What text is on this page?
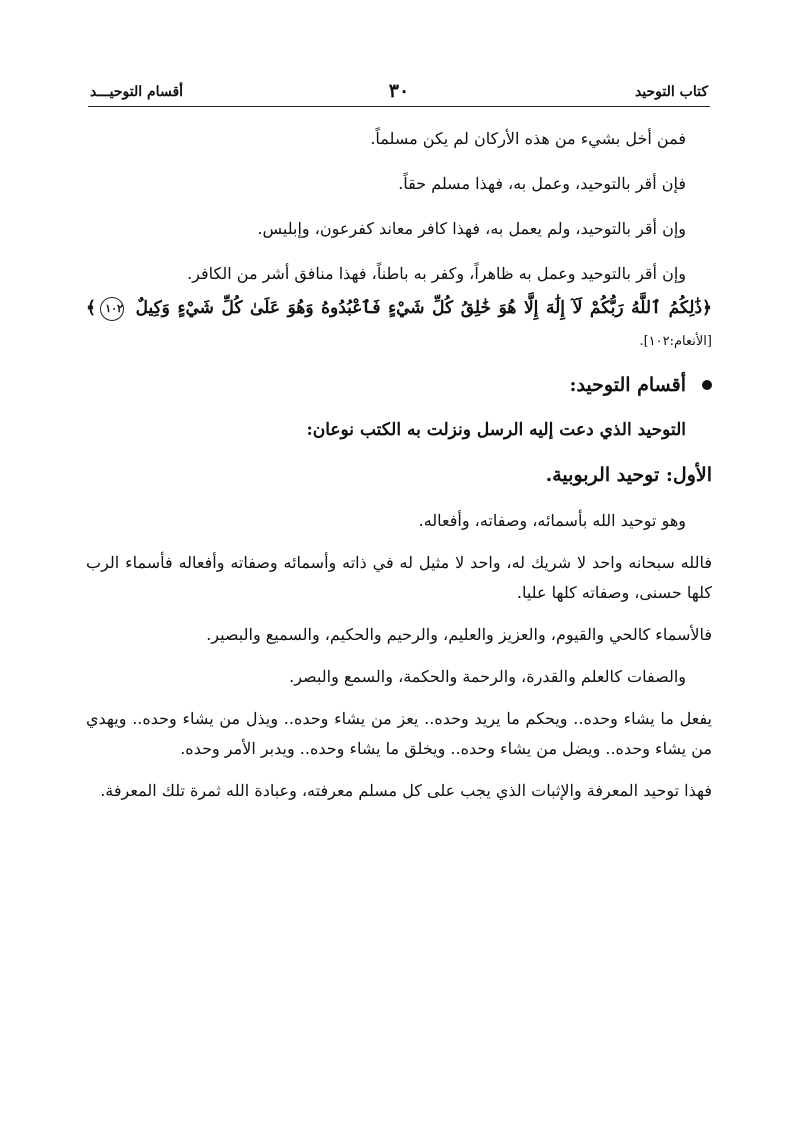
كتاب التوحيد
٣٠
أقسام التوحيـــد

فمن أخل بشيء من هذه الأركان لم يكن مسلماً.

فإن أقر بالتوحيد، وعمل به، فهذا مسلم حقاً.

وإن أقر بالتوحيد، ولم يعمل به، فهذا كافر معاند كفرعون، وإبليس.

وإن أقر بالتوحيد وعمل به ظاهراً، وكفر به باطناً، فهذا منافق أشر من الكافر.

﴿ذَٰلِكُمُ ٱللَّهُ رَبُّكُمْ لَآ إِلَٰهَ إِلَّا هُوَ خَٰلِقُ كُلِّ شَيْءٍ فَٱعْبُدُوهُ وَهُوَ عَلَىٰ كُلِّ شَيْءٍ وَكِيلٌ ١٠٢﴾ [الأنعام:١٠٢].

أقسام التوحيد:

التوحيد الذي دعت إليه الرسل ونزلت به الكتب نوعان:

الأول: توحيد الربوبية.

وهو توحيد الله بأسمائه، وصفاته، وأفعاله.

فالله سبحانه واحد لا شريك له، واحد لا مثيل له في ذاته وأسمائه وصفاته وأفعاله فأسماء الرب كلها حسنى، وصفاته كلها عليا.

فالأسماء كالحي والقيوم، والعزيز والعليم، والرحيم والحكيم، والسميع والبصير.

والصفات كالعلم والقدرة، والرحمة والحكمة، والسمع والبصر.

يفعل ما يشاء وحده.. ويحكم ما يريد وحده.. يعز من يشاء وحده.. ويذل من يشاء وحده.. ويهدي من يشاء وحده.. ويضل من يشاء وحده.. ويخلق ما يشاء وحده.. ويدبر الأمر وحده.

فهذا توحيد المعرفة والإثبات الذي يجب على كل مسلم معرفته، وعبادة الله ثمرة تلك المعرفة.
